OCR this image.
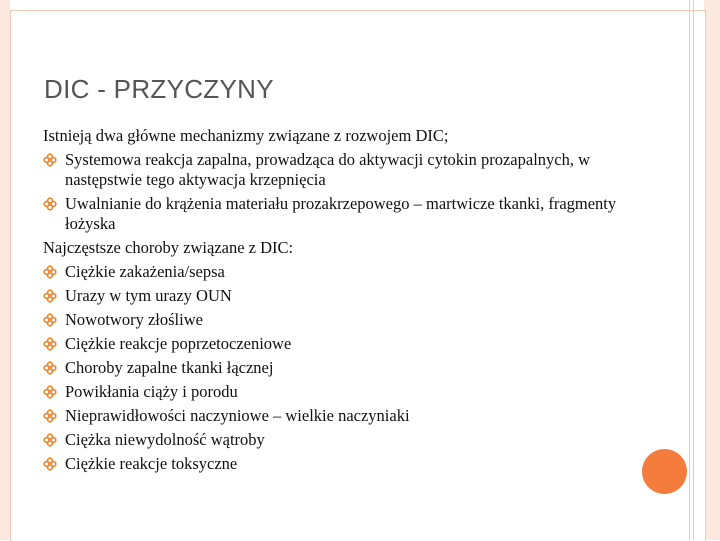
DIC - PRZYCZYNY

Istnieją dwa główne mechanizmy związane z rozwojem DIC;

Systemowa reakcja zapalna, prowadząca do aktywacji cytokin prozapalnych, w następstwie tego aktywacja krzepnięcia
Uwalnianie do krążenia materiału prozakrzepowego – martwicze tkanki, fragmenty łożyska

Najczęstsze choroby związane z DIC:

Ciężkie zakażenia/sepsa
Urazy w tym urazy OUN
Nowotwory złośliwe
Ciężkie reakcje poprzetoczeniowe
Choroby zapalne tkanki łącznej
Powikłania ciąży i porodu
Nieprawidłowości naczyniowe – wielkie naczyniaki
Ciężka niewydolność wątroby
Ciężkie reakcje toksyczne
